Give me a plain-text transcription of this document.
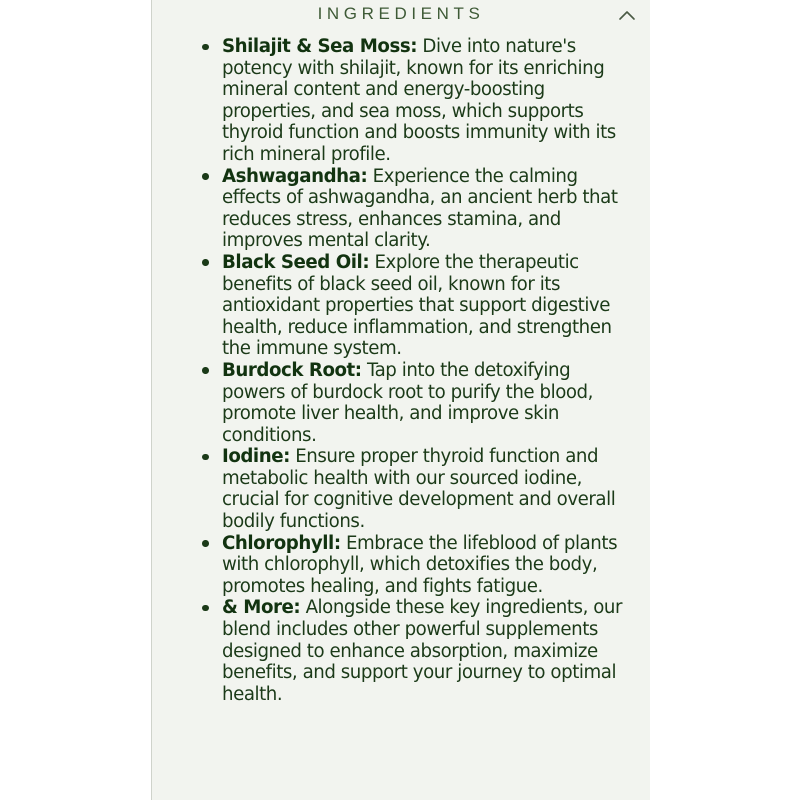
INGREDIENTS
Shilajit & Sea Moss: Dive into nature's potency with shilajit, known for its enriching mineral content and energy-boosting properties, and sea moss, which supports thyroid function and boosts immunity with its rich mineral profile.
Ashwagandha: Experience the calming effects of ashwagandha, an ancient herb that reduces stress, enhances stamina, and improves mental clarity.
Black Seed Oil: Explore the therapeutic benefits of black seed oil, known for its antioxidant properties that support digestive health, reduce inflammation, and strengthen the immune system.
Burdock Root: Tap into the detoxifying powers of burdock root to purify the blood, promote liver health, and improve skin conditions.
Iodine: Ensure proper thyroid function and metabolic health with our sourced iodine, crucial for cognitive development and overall bodily functions.
Chlorophyll: Embrace the lifeblood of plants with chlorophyll, which detoxifies the body, promotes healing, and fights fatigue.
& More: Alongside these key ingredients, our blend includes other powerful supplements designed to enhance absorption, maximize benefits, and support your journey to optimal health.
